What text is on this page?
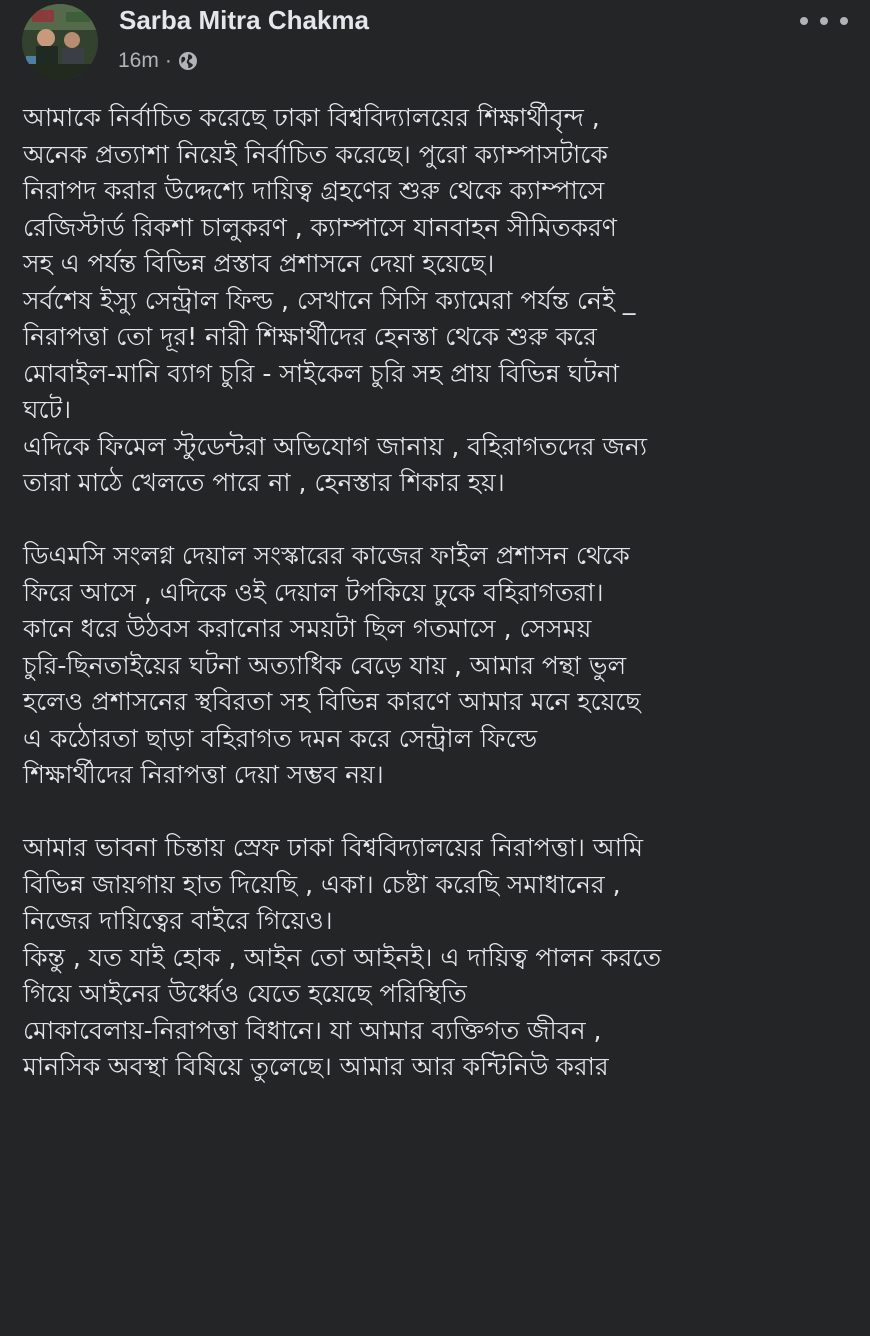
Sarba Mitra Chakma
16m ·
আমাকে নির্বাচিত করেছে ঢাকা বিশ্ববিদ্যালয়ের শিক্ষার্থীবৃন্দ ,
অনেক প্রত্যাশা নিয়েই নির্বাচিত করেছে। পুরো ক্যাম্পাসটাকে
নিরাপদ করার উদ্দেশ্যে দায়িত্ব গ্রহণের শুরু থেকে ক্যাম্পাসে
রেজিস্টার্ড রিকশা চালুকরণ , ক্যাম্পাসে যানবাহন সীমিতকরণ
সহ এ পর্যন্ত বিভিন্ন প্রস্তাব প্রশাসনে দেয়া হয়েছে।
সর্বশেষ ইস্যু সেন্ট্রাল ফিল্ড , সেখানে সিসি ক্যামেরা পর্যন্ত নেই _
নিরাপত্তা তো দূর! নারী শিক্ষার্থীদের হেনস্তা থেকে শুরু করে
মোবাইল-মানি ব্যাগ চুরি - সাইকেল চুরি সহ প্রায় বিভিন্ন ঘটনা
ঘটে।
এদিকে ফিমেল স্টুডেন্টরা অভিযোগ জানায় , বহিরাগতদের জন্য
তারা মাঠে খেলতে পারে না , হেনস্তার শিকার হয়।
ডিএমসি সংলগ্ন দেয়াল সংস্কারের কাজের ফাইল প্রশাসন থেকে
ফিরে আসে , এদিকে ওই দেয়াল টপকিয়ে ঢুকে বহিরাগতরা।
কানে ধরে উঠবস করানোর সময়টা ছিল গতমাসে , সেসময়
চুরি-ছিনতাইয়ের ঘটনা অত্যাধিক বেড়ে যায় , আমার পন্থা ভুল
হলেও প্রশাসনের স্থবিরতা সহ বিভিন্ন কারণে আমার মনে হয়েছে
এ কঠোরতা ছাড়া বহিরাগত দমন করে সেন্ট্রাল ফিল্ডে
শিক্ষার্থীদের নিরাপত্তা দেয়া সম্ভব নয়।
আমার ভাবনা চিন্তায় স্রেফ ঢাকা বিশ্ববিদ্যালয়ের নিরাপত্তা। আমি
বিভিন্ন জায়গায় হাত দিয়েছি , একা। চেষ্টা করেছি সমাধানের ,
নিজের দায়িত্বের বাইরে গিয়েও।
কিন্তু , যত যাই হোক , আইন তো আইনই। এ দায়িত্ব পালন করতে
গিয়ে আইনের উর্ধ্বেও যেতে হয়েছে পরিস্থিতি
মোকাবেলায়-নিরাপত্তা বিধানে। যা আমার ব্যক্তিগত জীবন ,
মানসিক অবস্থা বিষিয়ে তুলেছে। আমার আর কন্টিনিউ করার
